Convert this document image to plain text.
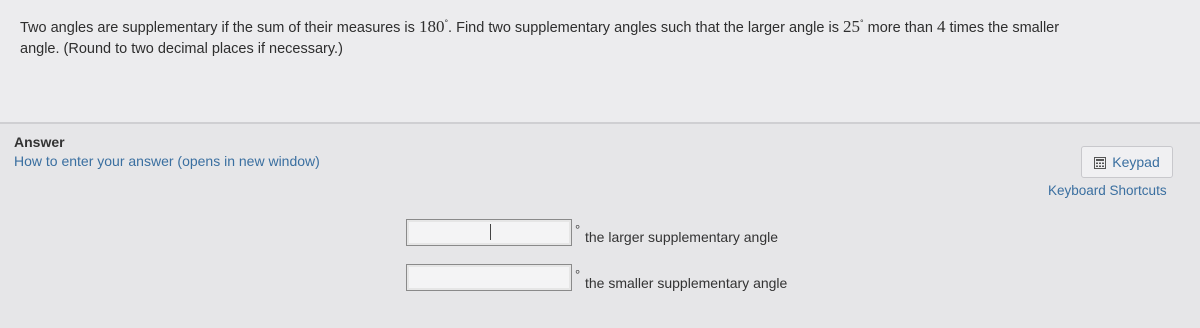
Two angles are supplementary if the sum of their measures is 180°. Find two supplementary angles such that the larger angle is 25° more than 4 times the smaller
angle. (Round to two decimal places if necessary.)
Answer
How to enter your answer (opens in new window)	Keypad
Keyboard Shortcuts
° the larger supplementary angle
°
the smaller supplementary angle
